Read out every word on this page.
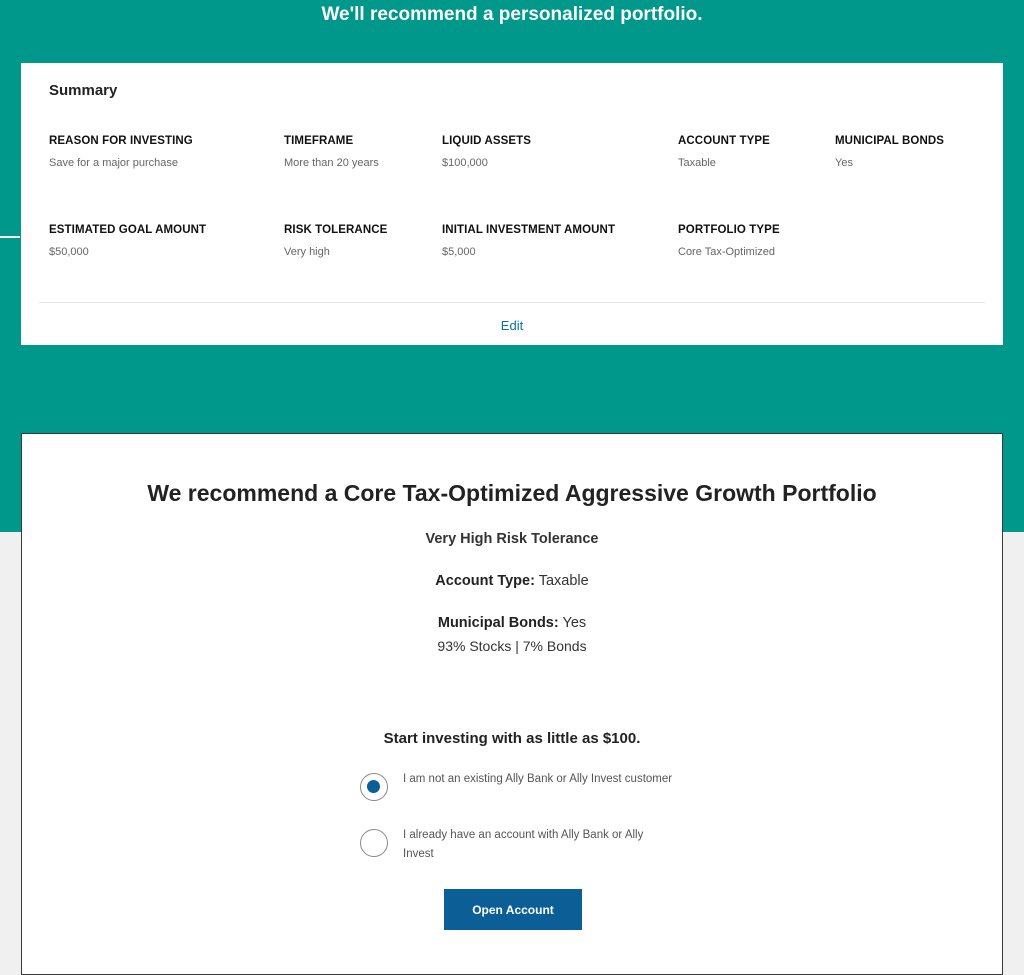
We'll recommend a personalized portfolio.
Summary
REASON FOR INVESTING
Save for a major purchase
TIMEFRAME
More than 20 years
LIQUID ASSETS
$100,000
ACCOUNT TYPE
Taxable
MUNICIPAL BONDS
Yes
ESTIMATED GOAL AMOUNT
$50,000
RISK TOLERANCE
Very high
INITIAL INVESTMENT AMOUNT
$5,000
PORTFOLIO TYPE
Core Tax-Optimized
Edit
We recommend a Core Tax-Optimized Aggressive Growth Portfolio
Very High Risk Tolerance
Account Type: Taxable
Municipal Bonds: Yes
93% Stocks | 7% Bonds
Start investing with as little as $100.
I am not an existing Ally Bank or Ally Invest customer
I already have an account with Ally Bank or Ally Invest
Open Account
